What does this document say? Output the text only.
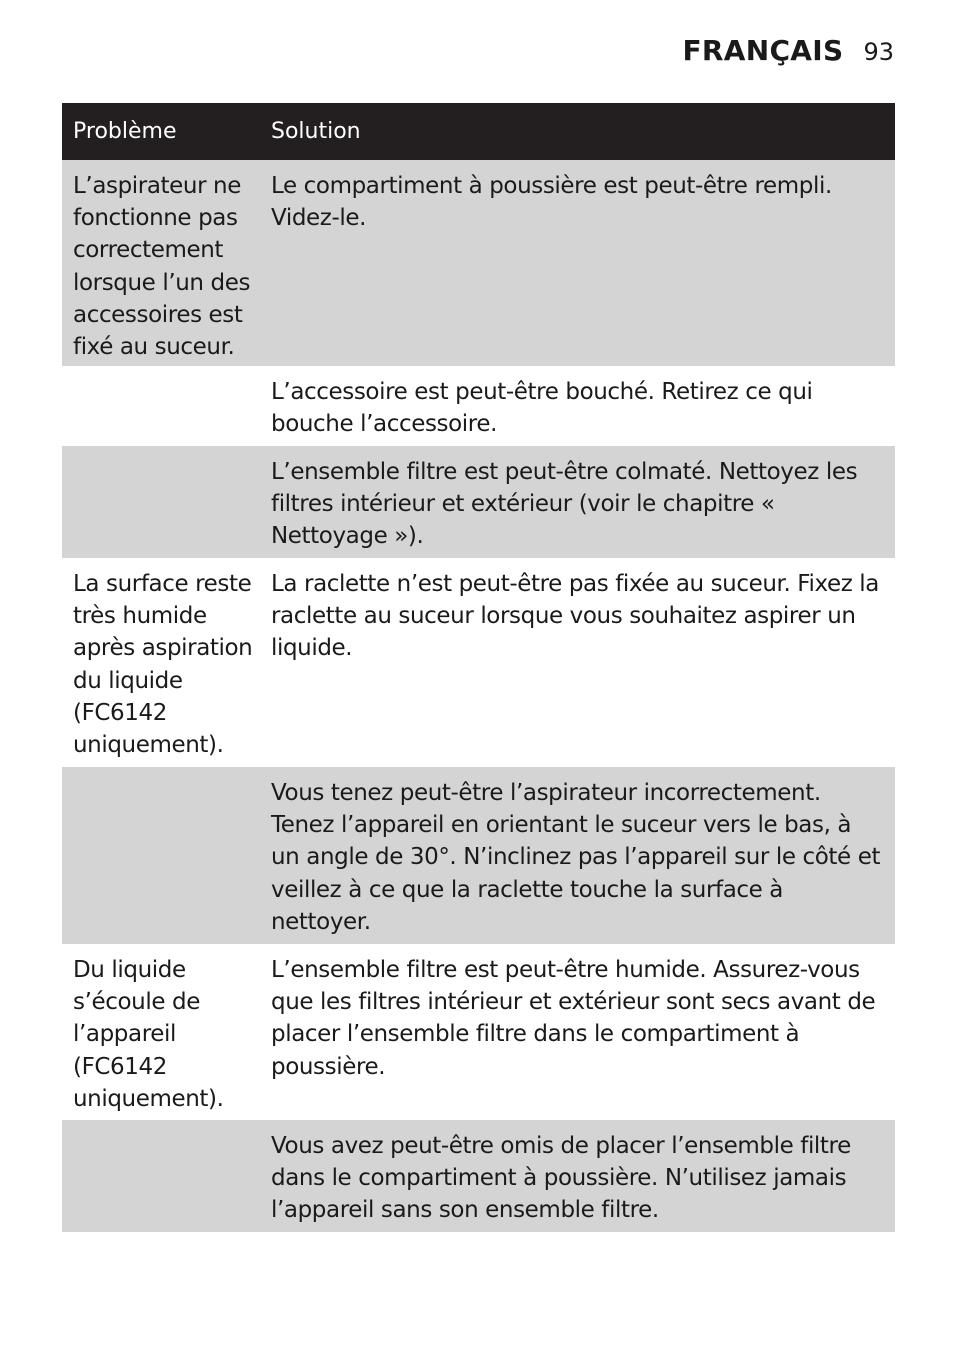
FRANÇAIS 93
Problème	Solution
L’aspirateur ne fonctionne pas correctement lorsque l’un des accessoires est fixé au suceur.
Le compartiment à poussière est peut-être rempli. Videz-le.
L’accessoire est peut-être bouché. Retirez ce qui bouche l’accessoire.
L’ensemble filtre est peut-être colmaté. Nettoyez les filtres intérieur et extérieur (voir le chapitre « Nettoyage »).
La surface reste très humide après aspiration du liquide (FC6142 uniquement).
La raclette n’est peut-être pas fixée au suceur. Fixez la raclette au suceur lorsque vous souhaitez aspirer un liquide.
Vous tenez peut-être l’aspirateur incorrectement. Tenez l’appareil en orientant le suceur vers le bas, à un angle de 30°. N’inclinez pas l’appareil sur le côté et veillez à ce que la raclette touche la surface à nettoyer.
Du liquide s’écoule de l’appareil (FC6142 uniquement).
L’ensemble filtre est peut-être humide. Assurez-vous que les filtres intérieur et extérieur sont secs avant de placer l’ensemble filtre dans le compartiment à poussière.
Vous avez peut-être omis de placer l’ensemble filtre dans le compartiment à poussière. N’utilisez jamais l’appareil sans son ensemble filtre.
